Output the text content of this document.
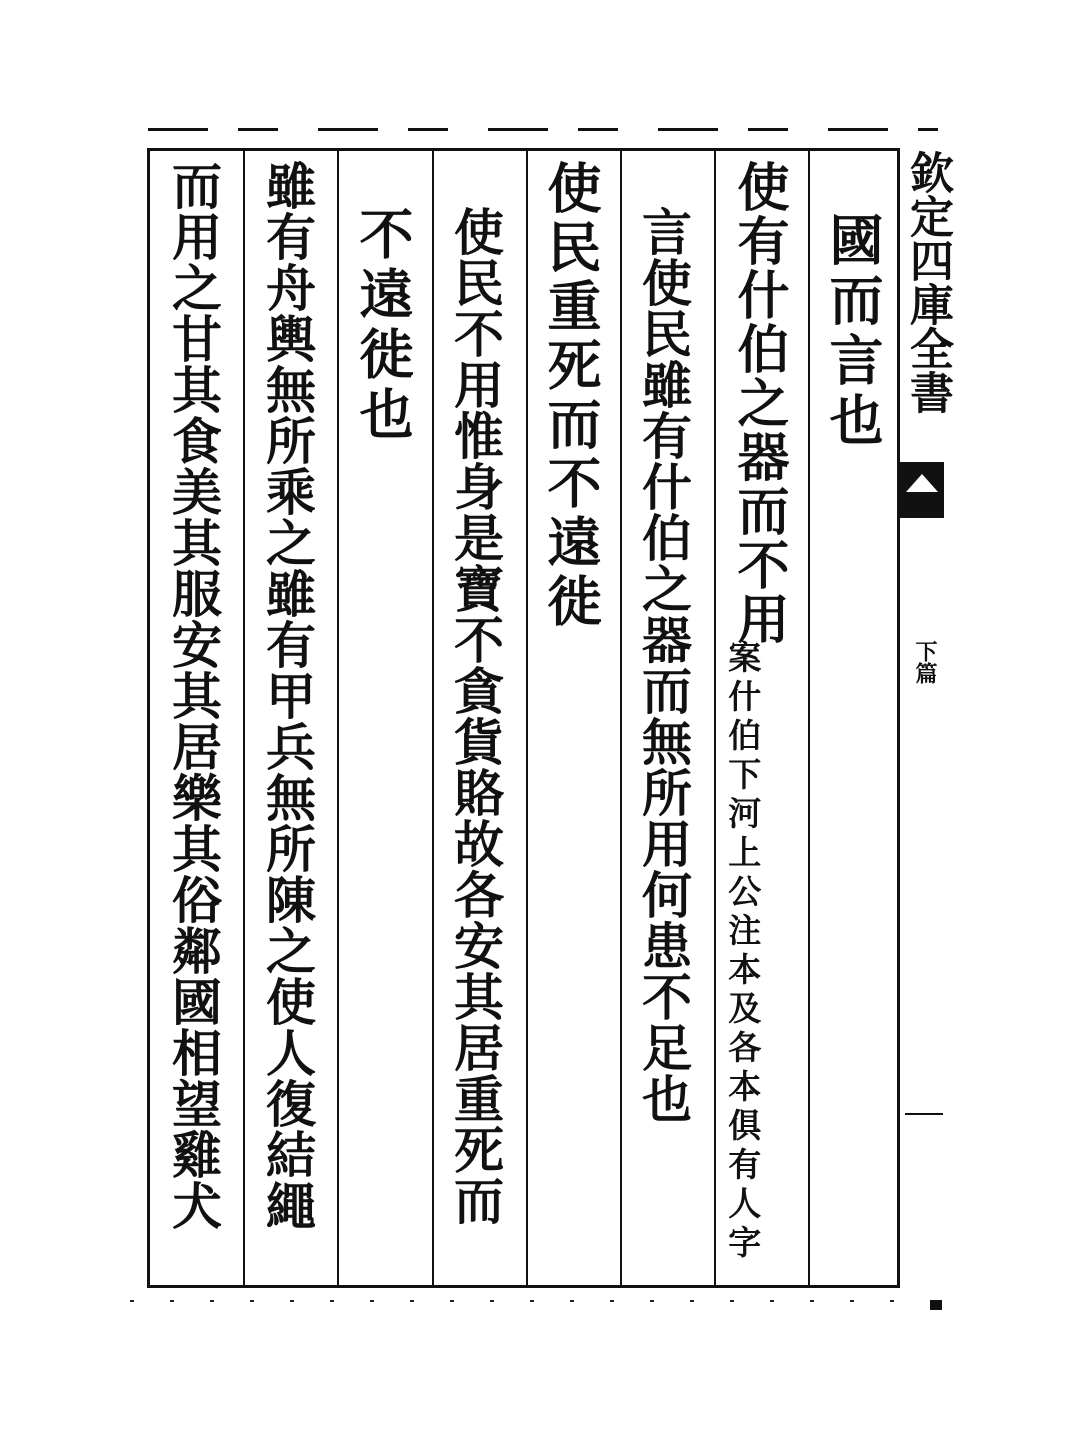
國而言也
使有什伯之器而不用
案什伯下河上公注本及各本俱有人字
言使民雖有什伯之器而無所用何患不足也
使民重死而不遠徙
使民不用惟身是寶不貪貨賂故各安其居重死而
不遠徙也
雖有舟輿無所乘之雖有甲兵無所陳之使人復結繩
而用之甘其食美其服安其居樂其俗鄰國相望雞犬	欽定四庫全書
下篇
